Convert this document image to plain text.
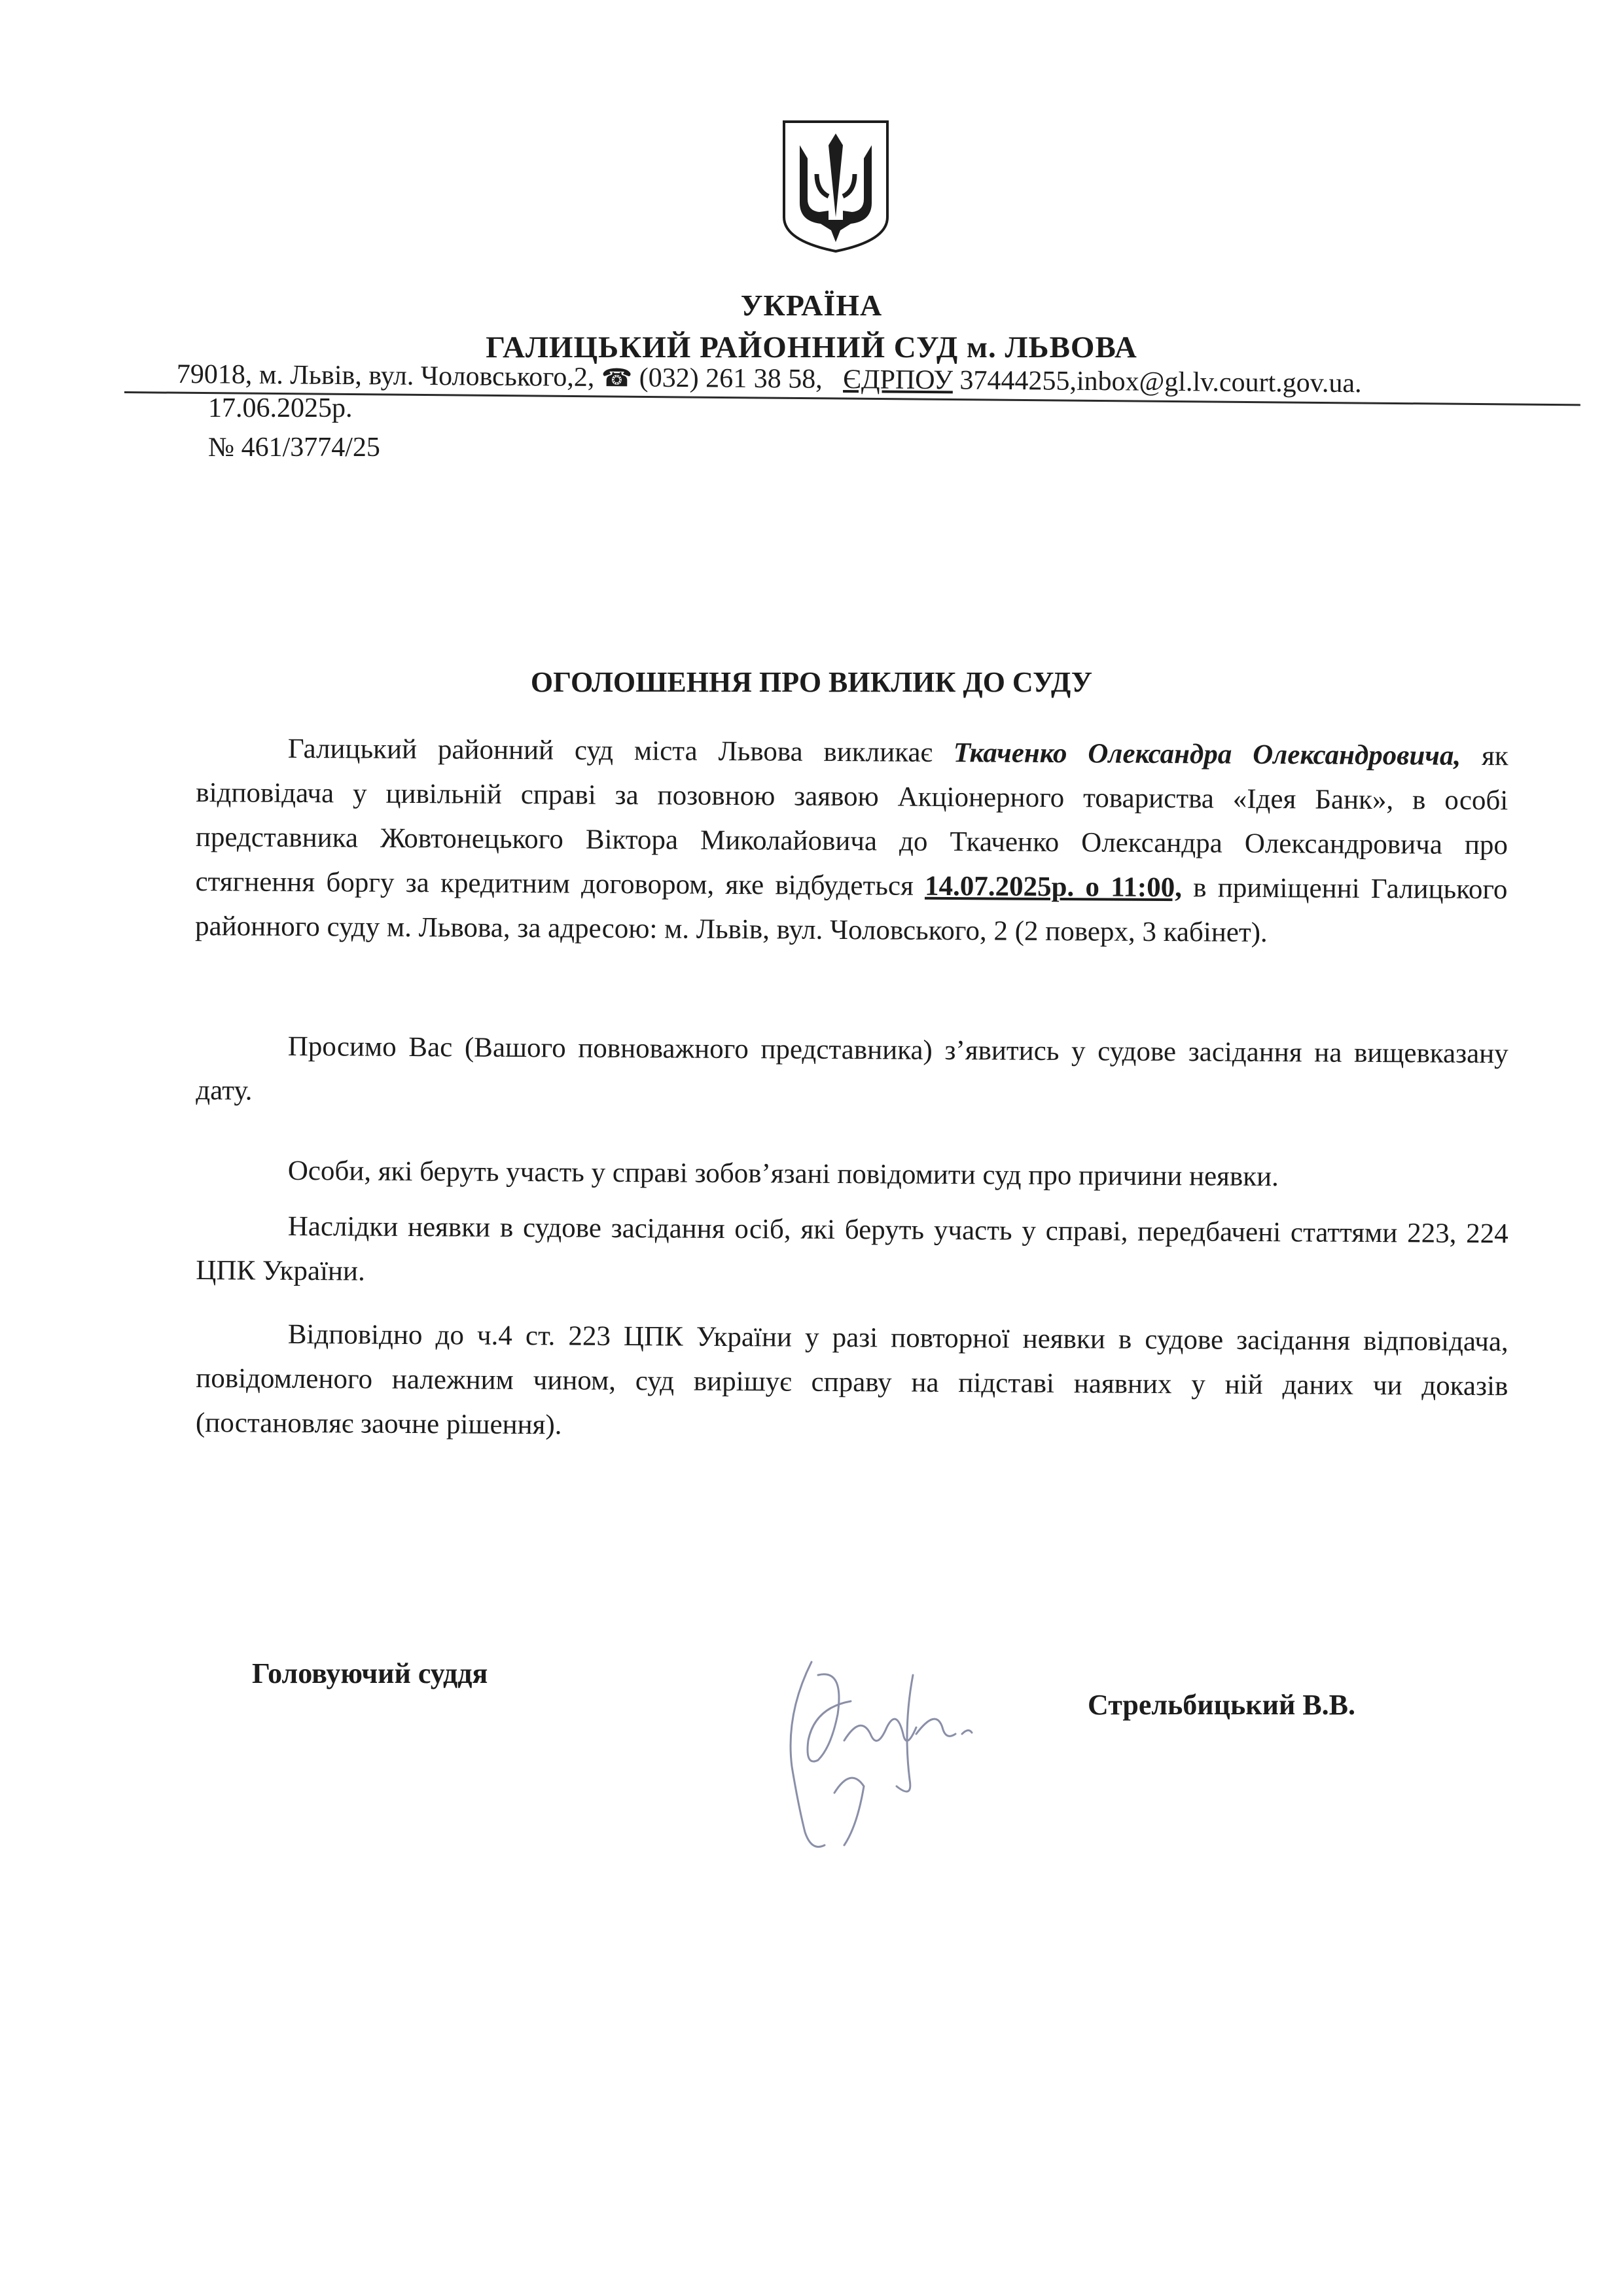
УКРАЇНА
ГАЛИЦЬКИЙ РАЙОННИЙ СУД м. ЛЬВОВА
79018, м. Львів, вул. Чоловського,2, ☎ (032) 261 38 58,   ЄДРПОУ 37444255,inbox@gl.lv.court.gov.ua.
17.06.2025р.
№ 461/3774/25
ОГОЛОШЕННЯ ПРО ВИКЛИК ДО СУДУ
Галицький районний суд міста Львова викликає Ткаченко Олександра Олександровича, як відповідача у цивільній справі за позовною заявою Акціонерного товариства «Ідея Банк», в особі представника Жовтонецького Віктора Миколайовича до Ткаченко Олександра Олександровича про стягнення боргу за кредитним договором, яке відбудеться 14.07.2025р. о 11:00, в приміщенні Галицького районного суду м. Львова, за адресою: м. Львів, вул. Чоловського, 2 (2 поверх, 3 кабінет).
Просимо Вас (Вашого повноважного представника) з’явитись у судове засідання на вищевказану дату.
Особи, які беруть участь у справі зобов’язані повідомити суд про причини неявки.
Наслідки неявки в судове засідання осіб, які беруть участь у справі, передбачені статтями 223, 224 ЦПК України.
Відповідно до ч.4 ст. 223 ЦПК України у разі повторної неявки в судове засідання відповідача, повідомленого належним чином, суд вирішує справу на підставі наявних у ній даних чи доказів (постановляє заочне рішення).
Головуючий суддя
Стрельбицький В.В.
